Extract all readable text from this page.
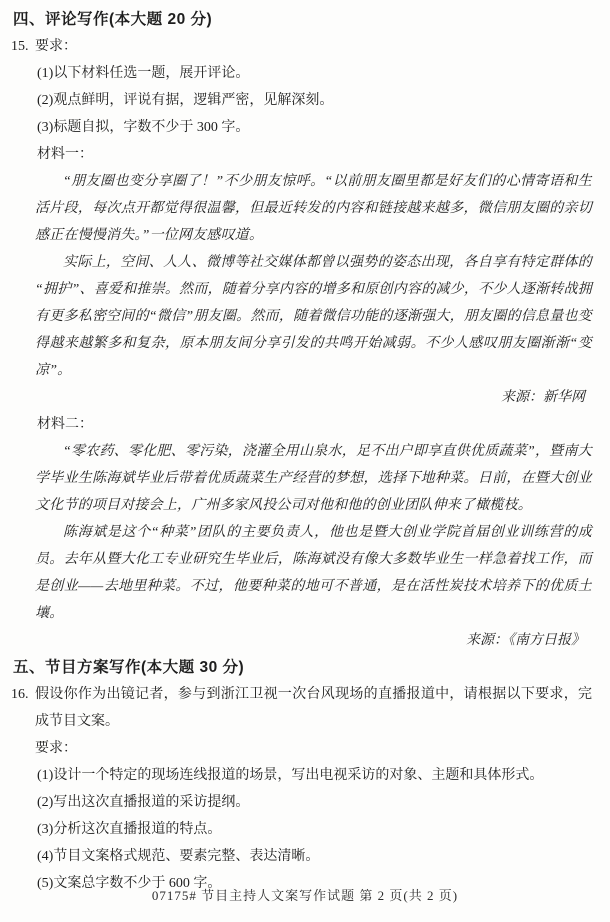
四、评论写作(本大题 20 分)
15. 要求：
(1)以下材料任选一题，展开评论。
(2)观点鲜明，评说有据，逻辑严密，见解深刻。
(3)标题自拟，字数不少于 300 字。
材料一：

“朋友圈也变分享圈了！”不少朋友惊呼。“以前朋友圈里都是好友们的心情寄语和生活片段，每次点开都觉得很温馨，但最近转发的内容和链接越来越多，微信朋友圈的亲切感正在慢慢消失。”一位网友感叹道。

实际上，空间、人人、微博等社交媒体都曾以强势的姿态出现，各自享有特定群体的“拥护”、喜爱和推崇。然而，随着分享内容的增多和原创内容的减少，不少人逐渐转战拥有更多私密空间的“微信”朋友圈。然而，随着微信功能的逐渐强大，朋友圈的信息量也变得越来越繁多和复杂，原本朋友间分享引发的共鸣开始减弱。不少人感叹朋友圈渐渐“变凉”。

来源：新华网
材料二：

“零农药、零化肥、零污染，浇灌全用山泉水，足不出户即享直供优质蔬菜”，暨南大学毕业生陈海斌毕业后带着优质蔬菜生产经营的梦想，选择下地种菜。日前，在暨大创业文化节的项目对接会上，广州多家风投公司对他和他的创业团队伸来了橄榄枝。

陈海斌是这个“种菜”团队的主要负责人，他也是暨大创业学院首届创业训练营的成员。去年从暨大化工专业研究生毕业后，陈海斌没有像大多数毕业生一样急着找工作，而是创业——去地里种菜。不过，他要种菜的地可不普通，是在活性炭技术培养下的优质土壤。

来源：《南方日报》
五、节目方案写作(本大题 30 分)
16. 假设你作为出镜记者，参与到浙江卫视一次台风现场的直播报道中，请根据以下要求，完成节目文案。
要求：
(1)设计一个特定的现场连线报道的场景，写出电视采访的对象、主题和具体形式。
(2)写出这次直播报道的采访提纲。
(3)分析这次直播报道的特点。
(4)节目文案格式规范、要素完整、表达清晰。
(5)文案总字数不少于 600 字。
07175# 节目主持人文案写作试题 第 2 页(共 2 页)
